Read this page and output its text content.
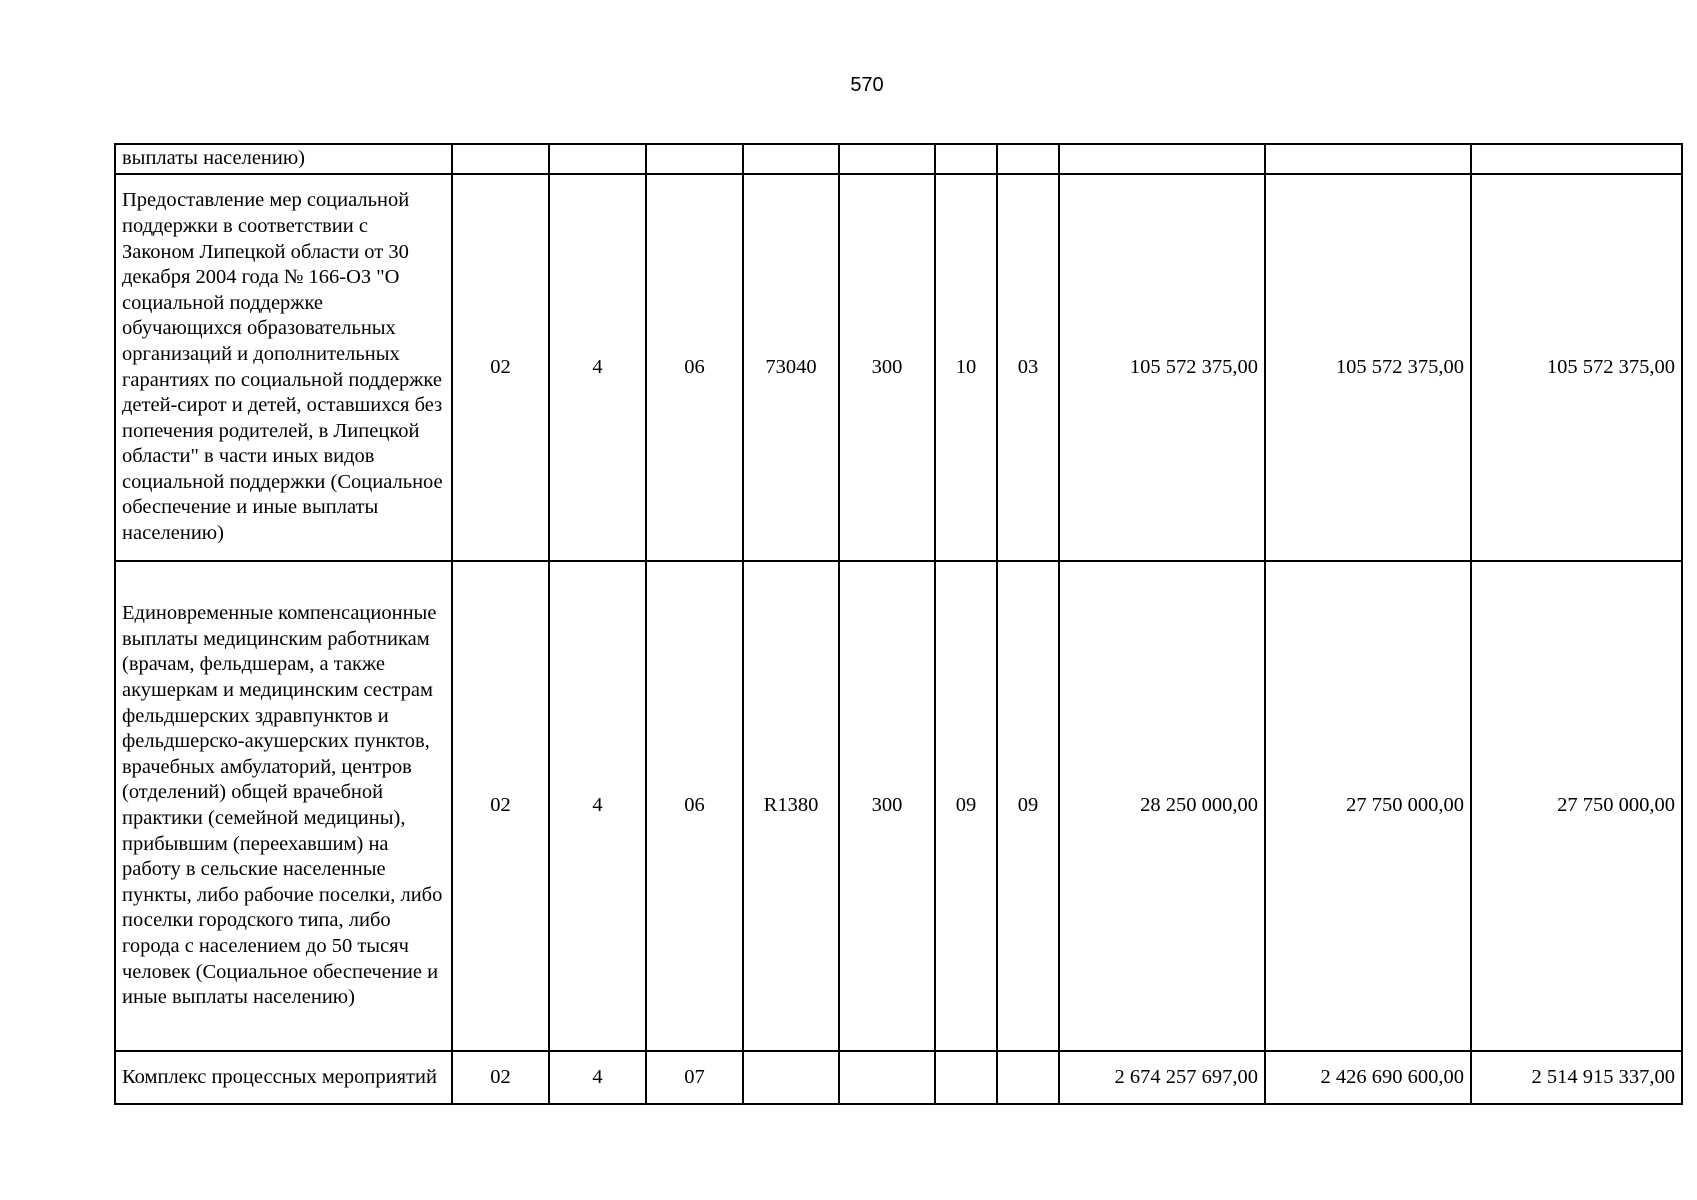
570
выплаты населению)										
Предоставление мер социальной поддержки в соответствии с Законом Липецкой области от 30 декабря 2004 года № 166-ОЗ "О социальной поддержке обучающихся образовательных организаций и дополнительных гарантиях по социальной поддержке детей-сирот и детей, оставшихся без попечения родителей, в Липецкой области" в части иных видов социальной поддержки (Социальное обеспечение и иные выплаты населению)	02	4	06	73040	300	10	03	105 572 375,00	105 572 375,00	105 572 375,00
Единовременные компенсационные выплаты медицинским работникам (врачам, фельдшерам, а также акушеркам и медицинским сестрам фельдшерских здравпунктов и фельдшерско-акушерских пунктов, врачебных амбулаторий, центров (отделений) общей врачебной практики (семейной медицины), прибывшим (переехавшим) на работу в сельские населенные пункты, либо рабочие поселки, либо поселки городского типа, либо города с населением до 50 тысяч человек (Социальное обеспечение и иные выплаты населению)	02	4	06	R1380	300	09	09	28 250 000,00	27 750 000,00	27 750 000,00
Комплекс процессных мероприятий	02	4	07					2 674 257 697,00	2 426 690 600,00	2 514 915 337,00
